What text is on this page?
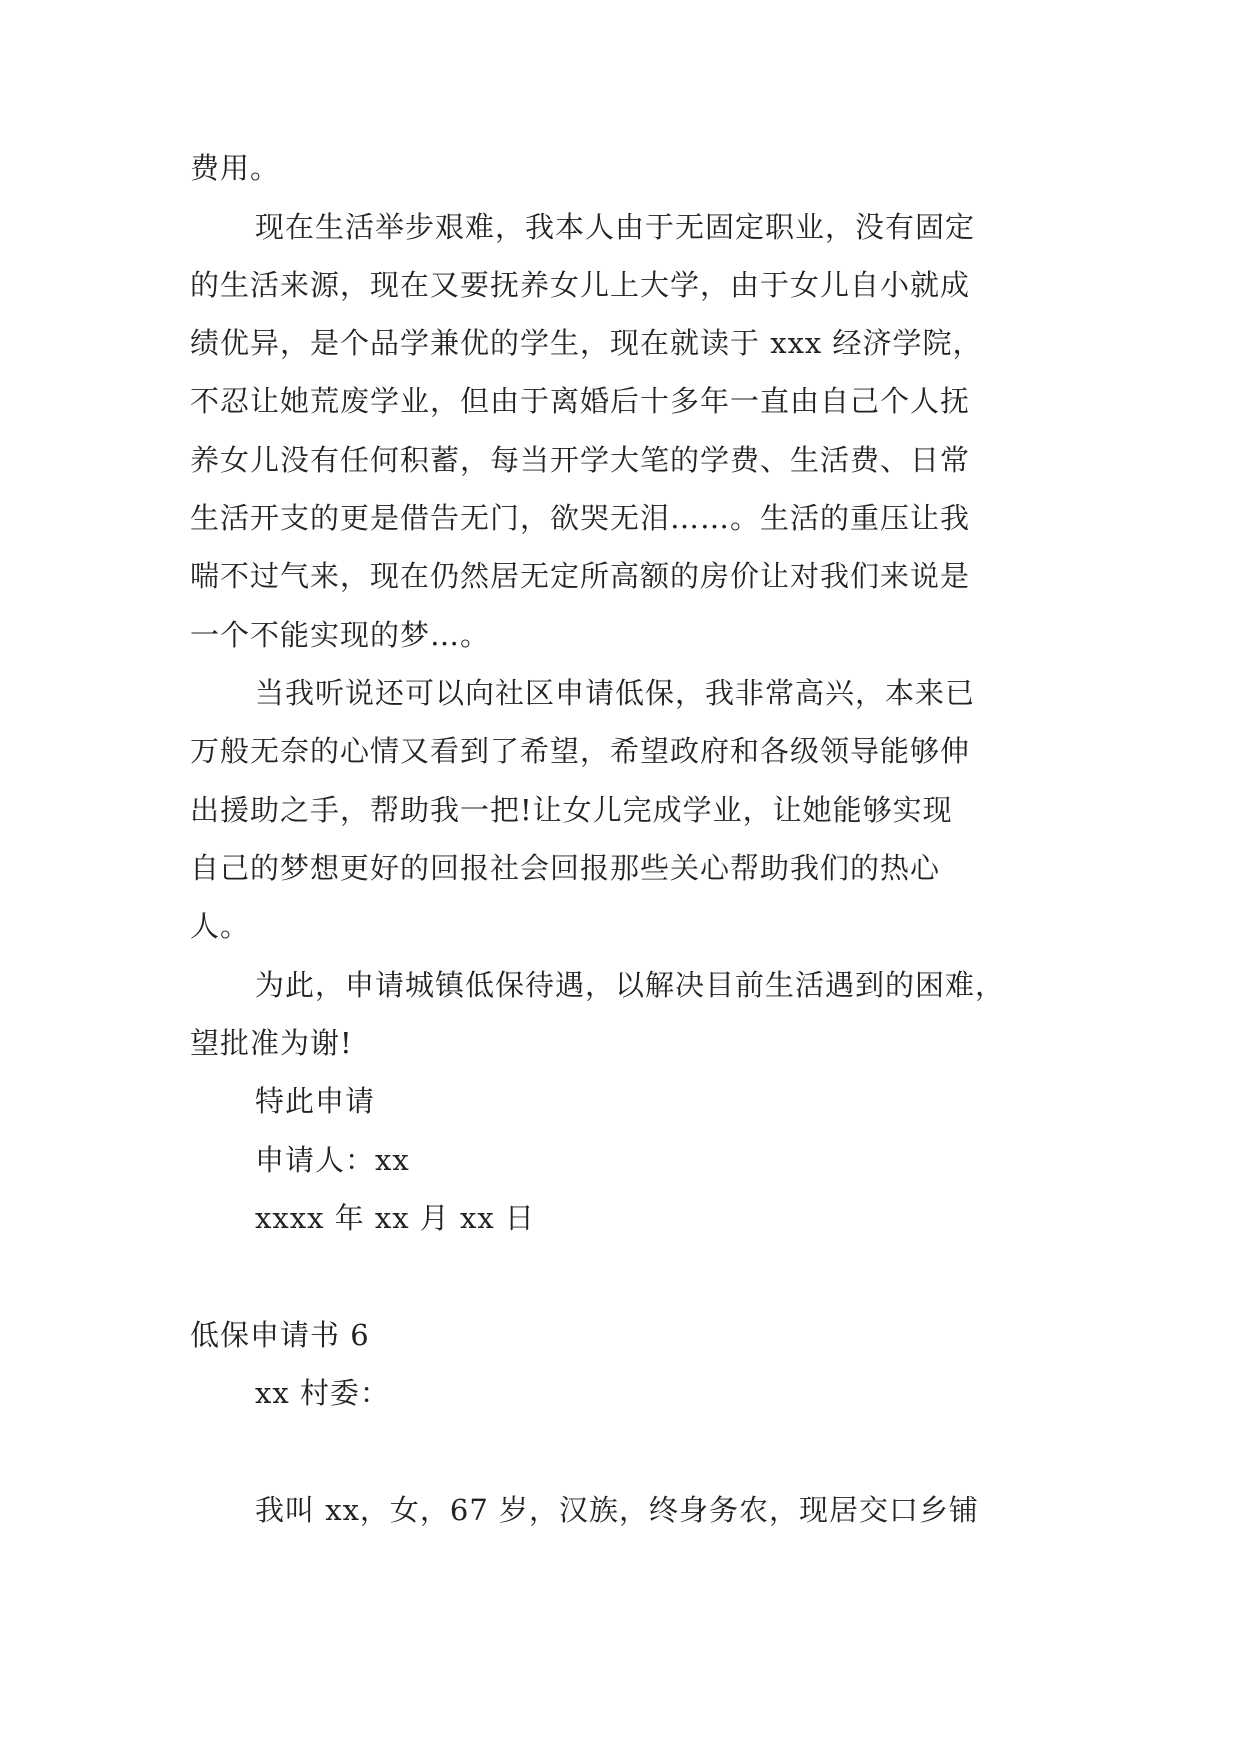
费用。
现在生活举步艰难，我本人由于无固定职业，没有固定
的生活来源，现在又要抚养女儿上大学，由于女儿自小就成
绩优异，是个品学兼优的学生，现在就读于 xxx 经济学院，
不忍让她荒废学业，但由于离婚后十多年一直由自己个人抚
养女儿没有任何积蓄，每当开学大笔的学费、生活费、日常
生活开支的更是借告无门，欲哭无泪……。生活的重压让我
喘不过气来，现在仍然居无定所高额的房价让对我们来说是
一个不能实现的梦…。
当我听说还可以向社区申请低保，我非常高兴，本来已
万般无奈的心情又看到了希望，希望政府和各级领导能够伸
出援助之手，帮助我一把!让女儿完成学业，让她能够实现
自己的梦想更好的回报社会回报那些关心帮助我们的热心
人。
为此，申请城镇低保待遇，以解决目前生活遇到的困难，
望批准为谢!
特此申请
申请人：xx
xxxx 年 xx 月 xx 日
低保申请书 6
xx 村委：
我叫 xx，女，67 岁，汉族，终身务农，现居交口乡铺
